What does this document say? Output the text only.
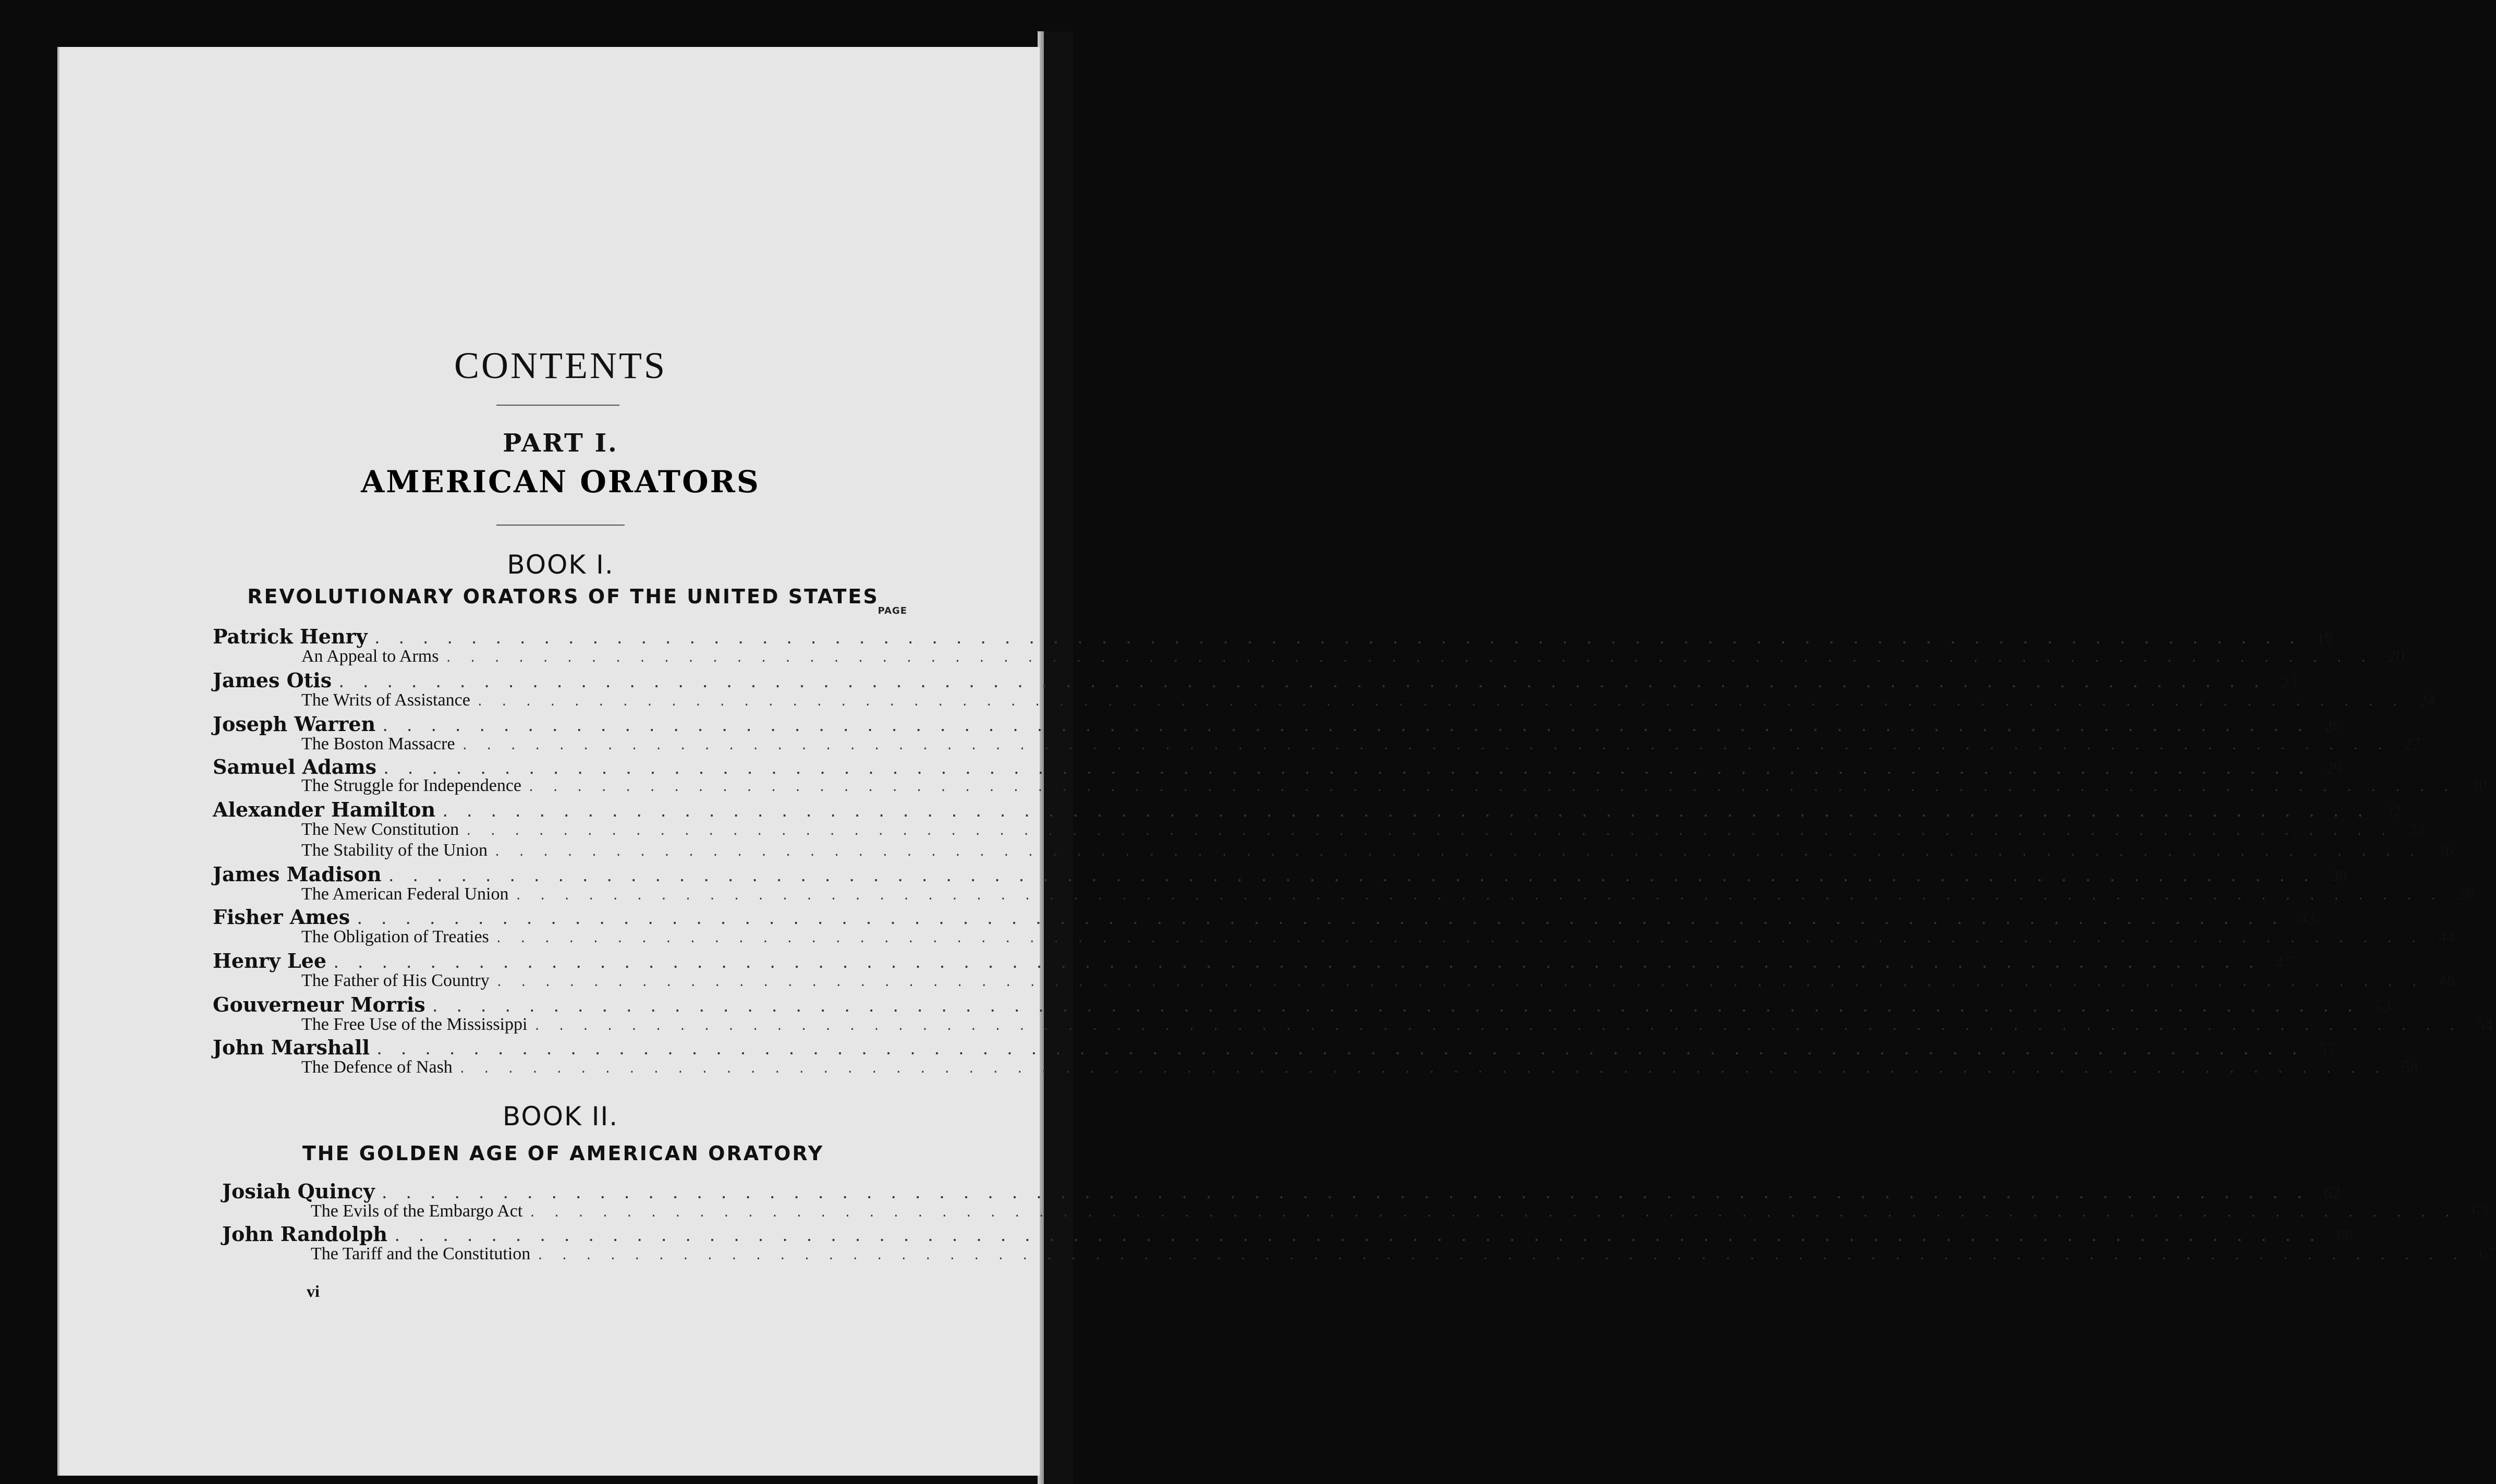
CONTENTS
PART I.
AMERICAN ORATORS
BOOK I.
REVOLUTIONARY ORATORS OF THE UNITED STATES
PAGE
BOOK II.
THE GOLDEN AGE OF AMERICAN ORATORY
Patrick Henry . . . . . . . . . . . . . . . . . . . . . . . . . . . . . . . . . . . . . . . . . . . . . . . . . . . . . . . . . . . . . . . . . . . . . . . . . . . . . . . . 19
An Appeal to Arms . . . . . . . . . . . . . . . . . . . . . . . . . . . . . . . . . . . . . . . . . . . . . . . . . . . . . . . . . . . . . . . . . . . . . . . . . . . . . . . . 20
James Otis . . . . . . . . . . . . . . . . . . . . . . . . . . . . . . . . . . . . . . . . . . . . . . . . . . . . . . . . . . . . . . . . . . . . . . . . . . . . . . . . 23
The Writs of Assistance . . . . . . . . . . . . . . . . . . . . . . . . . . . . . . . . . . . . . . . . . . . . . . . . . . . . . . . . . . . . . . . . . . . . . . . . . . . . . . . . 24
Joseph Warren . . . . . . . . . . . . . . . . . . . . . . . . . . . . . . . . . . . . . . . . . . . . . . . . . . . . . . . . . . . . . . . . . . . . . . . . . . . . . . . . 26
The Boston Massacre . . . . . . . . . . . . . . . . . . . . . . . . . . . . . . . . . . . . . . . . . . . . . . . . . . . . . . . . . . . . . . . . . . . . . . . . . . . . . . . . 27
Samuel Adams . . . . . . . . . . . . . . . . . . . . . . . . . . . . . . . . . . . . . . . . . . . . . . . . . . . . . . . . . . . . . . . . . . . . . . . . . . . . . . . . 29
The Struggle for Independence . . . . . . . . . . . . . . . . . . . . . . . . . . . . . . . . . . . . . . . . . . . . . . . . . . . . . . . . . . . . . . . . . . . . . . . . . . . . . . . . 30
Alexander Hamilton . . . . . . . . . . . . . . . . . . . . . . . . . . . . . . . . . . . . . . . . . . . . . . . . . . . . . . . . . . . . . . . . . . . . . . . . . . . . . . . . 32
The New Constitution . . . . . . . . . . . . . . . . . . . . . . . . . . . . . . . . . . . . . . . . . . . . . . . . . . . . . . . . . . . . . . . . . . . . . . . . . . . . . . . . 33
The Stability of the Union . . . . . . . . . . . . . . . . . . . . . . . . . . . . . . . . . . . . . . . . . . . . . . . . . . . . . . . . . . . . . . . . . . . . . . . . . . . . . . . . 36
James Madison . . . . . . . . . . . . . . . . . . . . . . . . . . . . . . . . . . . . . . . . . . . . . . . . . . . . . . . . . . . . . . . . . . . . . . . . . . . . . . . . 38
The American Federal Union . . . . . . . . . . . . . . . . . . . . . . . . . . . . . . . . . . . . . . . . . . . . . . . . . . . . . . . . . . . . . . . . . . . . . . . . . . . . . . . . 39
Fisher Ames . . . . . . . . . . . . . . . . . . . . . . . . . . . . . . . . . . . . . . . . . . . . . . . . . . . . . . . . . . . . . . . . . . . . . . . . . . . . . . . . 43
The Obligation of Treaties . . . . . . . . . . . . . . . . . . . . . . . . . . . . . . . . . . . . . . . . . . . . . . . . . . . . . . . . . . . . . . . . . . . . . . . . . . . . . . . . 44
Henry Lee . . . . . . . . . . . . . . . . . . . . . . . . . . . . . . . . . . . . . . . . . . . . . . . . . . . . . . . . . . . . . . . . . . . . . . . . . . . . . . . . 47
The Father of His Country . . . . . . . . . . . . . . . . . . . . . . . . . . . . . . . . . . . . . . . . . . . . . . . . . . . . . . . . . . . . . . . . . . . . . . . . . . . . . . . . 48
Gouverneur Morris . . . . . . . . . . . . . . . . . . . . . . . . . . . . . . . . . . . . . . . . . . . . . . . . . . . . . . . . . . . . . . . . . . . . . . . . . . . . . . . . 53
The Free Use of the Mississippi . . . . . . . . . . . . . . . . . . . . . . . . . . . . . . . . . . . . . . . . . . . . . . . . . . . . . . . . . . . . . . . . . . . . . . . . . . . . . . . . 54
John Marshall . . . . . . . . . . . . . . . . . . . . . . . . . . . . . . . . . . . . . . . . . . . . . . . . . . . . . . . . . . . . . . . . . . . . . . . . . . . . . . . . 57
The Defence of Nash . . . . . . . . . . . . . . . . . . . . . . . . . . . . . . . . . . . . . . . . . . . . . . . . . . . . . . . . . . . . . . . . . . . . . . . . . . . . . . . . 58
Josiah Quincy . . . . . . . . . . . . . . . . . . . . . . . . . . . . . . . . . . . . . . . . . . . . . . . . . . . . . . . . . . . . . . . . . . . . . . . . . . . . . . . . 62
The Evils of the Embargo Act . . . . . . . . . . . . . . . . . . . . . . . . . . . . . . . . . . . . . . . . . . . . . . . . . . . . . . . . . . . . . . . . . . . . . . . . . . . . . . . . 63
John Randolph . . . . . . . . . . . . . . . . . . . . . . . . . . . . . . . . . . . . . . . . . . . . . . . . . . . . . . . . . . . . . . . . . . . . . . . . . . . . . . . . 66
The Tariff and the Constitution . . . . . . . . . . . . . . . . . . . . . . . . . . . . . . . . . . . . . . . . . . . . . . . . . . . . . . . . . . . . . . . . . . . . . . . . . . . . . . . . 67
vi
